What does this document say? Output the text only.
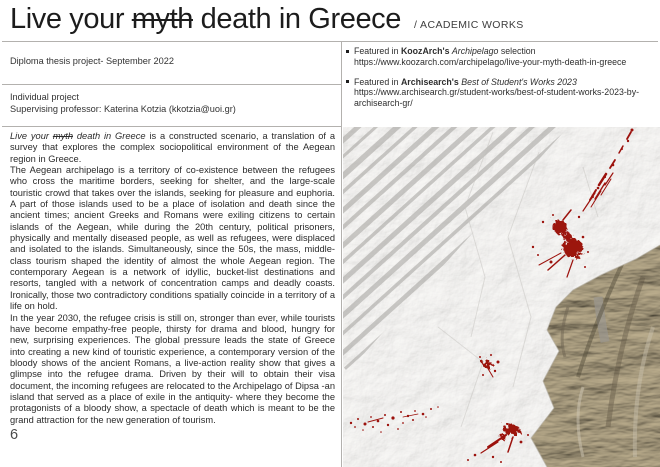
Live your myth death in Greece / ACADEMIC WORKS
Diploma thesis project- September 2022
Individual project
Supervising professor: Katerina Kotzia (kkotzia@uoi.gr)
Featured in KoozArch's Archipelago selection
https://www.koozarch.com/archipelago/live-your-myth-death-in-greece
Featured in Archisearch's Best of Student's Works 2023
https://www.archisearch.gr/student-works/best-of-student-works-2023-by-archisearch-gr/

Live your myth death in Greece is a constructed scenario, a translation of a survey that explores the complex sociopolitical environment of the Aegean region in Greece.

The Aegean archipelago is a territory of co-existence between the refugees who cross the maritime borders, seeking for shelter, and the large-scale touristic crowd that takes over the islands, seeking for pleasure and euphoria. A part of those islands used to be a place of isolation and death since the ancient times; ancient Greeks and Romans were exiling citizens to certain islands of the Aegean, while during the 20th century, political prisoners, physically and mentally diseased people, as well as refugees, were displaced and isolated to the islands. Simultaneously, since the 50s, the mass, middle-class tourism shaped the identity of almost the whole Aegean region. The contemporary Aegean is a network of idyllic, bucket-list destinations and resorts, tangled with a network of concentration camps and deadly coasts. Ironically, those two contradictory conditions spatially coincide in a territory of a life on hold.

In the year 2030, the refugee crisis is still on, stronger than ever, while tourists have become empathy-free people, thirsty for drama and blood, hungry for new, surprising experiences. The global pressure leads the state of Greece into creating a new kind of touristic experience, a contemporary version of the bloody shows of the ancient Romans, a live-action reality show that gives a glimpse into the refugee drama. Driven by their will to obtain their visa document, the incoming refugees are relocated to the Archipelago of Dipsa -an island that served as a place of exile in the antiquity- where they become the protagonists of a bloody show, a spectacle of death which is meant to be the grand attraction for the new generation of tourism.

6
